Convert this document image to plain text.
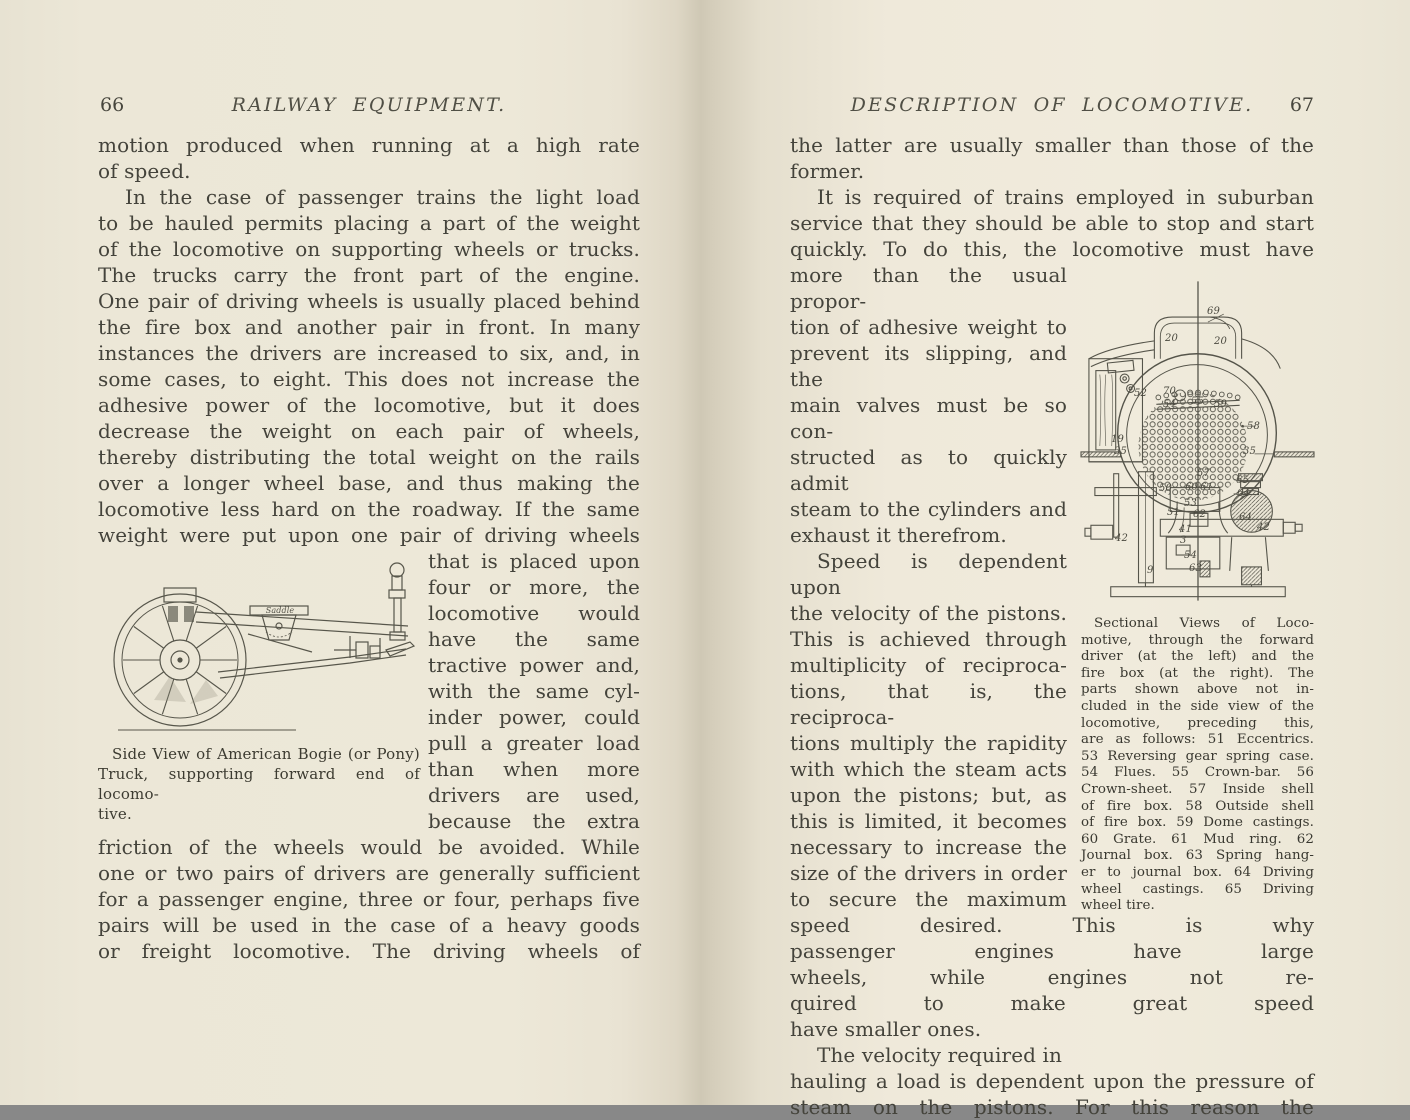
66	RAILWAY EQUIPMENT.
motion produced when running at a high rate
of speed.
In the case of passenger trains the light load
to be hauled permits placing a part of the weight
of the locomotive on supporting wheels or trucks.
The trucks carry the front part of the engine.
One pair of driving wheels is usually placed behind
the fire box and another pair in front. In many
instances the drivers are increased to six, and, in
some cases, to eight. This does not increase the
adhesive power of the locomotive, but it does
decrease the weight on each pair of wheels,
thereby distributing the total weight on the rails
over a longer wheel base, and thus making the
locomotive less hard on the roadway. If the same
weight were put upon one pair of driving wheels
Saddle
Side View of American Bogie (or Pony)
Truck, supporting forward end of locomo-
tive.
that is placed upon
four or more, the
locomotive would
have the same
tractive power and,
with the same cyl-
inder power, could
pull a greater load
than when more
drivers are used,
because the extra
friction of the wheels would be avoided. While
one or two pairs of drivers are generally sufficient
for a passenger engine, three or four, perhaps five
pairs will be used in the case of a heavy goods
or freight locomotive. The driving wheels of
DESCRIPTION OF LOCOMOTIVE.	67
the latter are usually smaller than those of the
former.
It is required of trains employed in suburban
service that they should be able to stop and start
quickly. To do this, the locomotive must have
69
20	20
52 70
54 55 59
58
19
35	35
57
65
64
50 60 61
53
51 62	64
41	42
42	3
54
63
9
Sectional Views of Loco-
motive, through the forward
driver (at the left) and the
fire box (at the right). The
parts shown above not in-
cluded in the side view of the
locomotive, preceding this,
are as follows: 51 Eccentrics.
53 Reversing gear spring case.
54 Flues. 55 Crown-bar. 56
Crown-sheet. 57 Inside shell
of fire box. 58 Outside shell
of fire box. 59 Dome castings.
60 Grate. 61 Mud ring. 62
Journal box. 63 Spring hang-
er to journal box. 64 Driving
wheel castings. 65 Driving
wheel tire.
more than the usual propor-
tion of adhesive weight to
prevent its slipping, and the
main valves must be so con-
structed as to quickly admit
steam to the cylinders and
exhaust it therefrom.
Speed is dependent upon
the velocity of the pistons.
This is achieved through
multiplicity of reciproca-
tions, that is, the reciproca-
tions multiply the rapidity
with which the steam acts
upon the pistons; but, as
this is limited, it becomes
necessary to increase the
size of the drivers in order
to secure the maximum
speed desired. This is why
passenger engines have large
wheels, while engines not re-
quired to make great speed
have smaller ones.
The velocity required in
hauling a load is dependent upon the pressure of
steam on the pistons. For this reason the
